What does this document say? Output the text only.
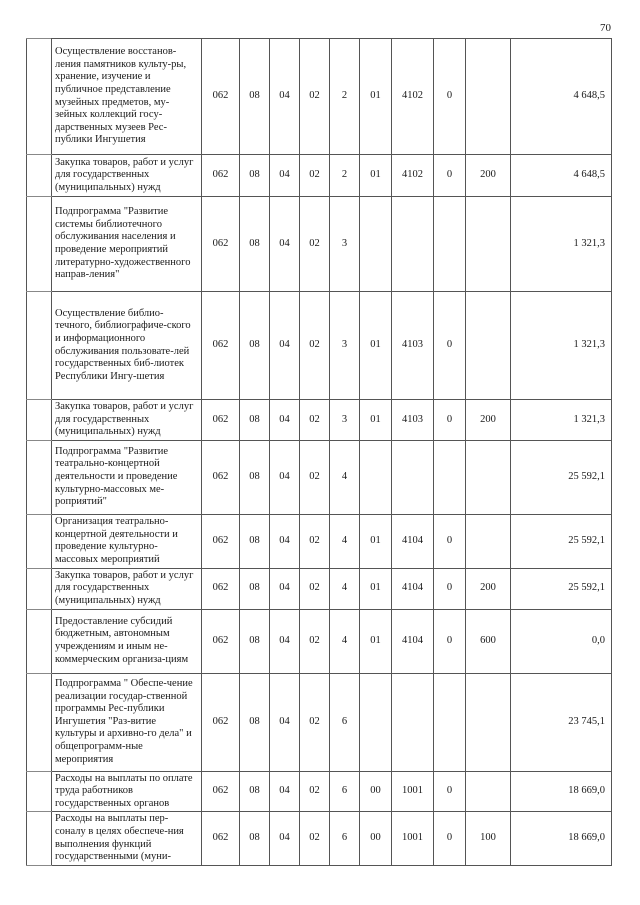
70
	Осуществление восстанов-ления памятников культу-ры, хранение, изучение и публичное представление музейных предметов, му-зейных коллекций госу-дарственных музеев Рес-публики Ингушетия	062	08	04	02	2	01	4102	0		4 648,5
	Закупка товаров, работ и услуг для государственных (муниципальных) нужд	062	08	04	02	2	01	4102	0	200	4 648,5
	Подпрограмма "Развитие системы библиотечного обслуживания населения и проведение мероприятий литературно-художественного направ-ления"	062	08	04	02	3					1 321,3
	Осуществление библио-течного, библиографиче-ского и информационного обслуживания пользовате-лей государственных биб-лиотек Республики Ингу-шетия	062	08	04	02	3	01	4103	0		1 321,3
	Закупка товаров, работ и услуг для государственных (муниципальных) нужд	062	08	04	02	3	01	4103	0	200	1 321,3
	Подпрограмма "Развитие театрально-концертной деятельности и проведение культурно-массовых ме-роприятий"	062	08	04	02	4					25 592,1
	Организация театрально-концертной деятельности и проведение культурно-массовых мероприятий	062	08	04	02	4	01	4104	0		25 592,1
	Закупка товаров, работ и услуг для государственных (муниципальных) нужд	062	08	04	02	4	01	4104	0	200	25 592,1
	Предоставление субсидий бюджетным, автономным учреждениям и иным не-коммерческим организа-циям	062	08	04	02	4	01	4104	0	600	0,0
	Подпрограмма " Обеспе-чение реализации государ-ственной программы Рес-публики Ингушетия "Раз-витие культуры и архивно-го дела" и общепрограмм-ные мероприятия	062	08	04	02	6					23 745,1
	Расходы на выплаты по оплате труда работников государственных органов	062	08	04	02	6	00	1001	0		18 669,0
	Расходы на выплаты пер-соналу в целях обеспече-ния выполнения функций государственными (муни-	062	08	04	02	6	00	1001	0	100	18 669,0
